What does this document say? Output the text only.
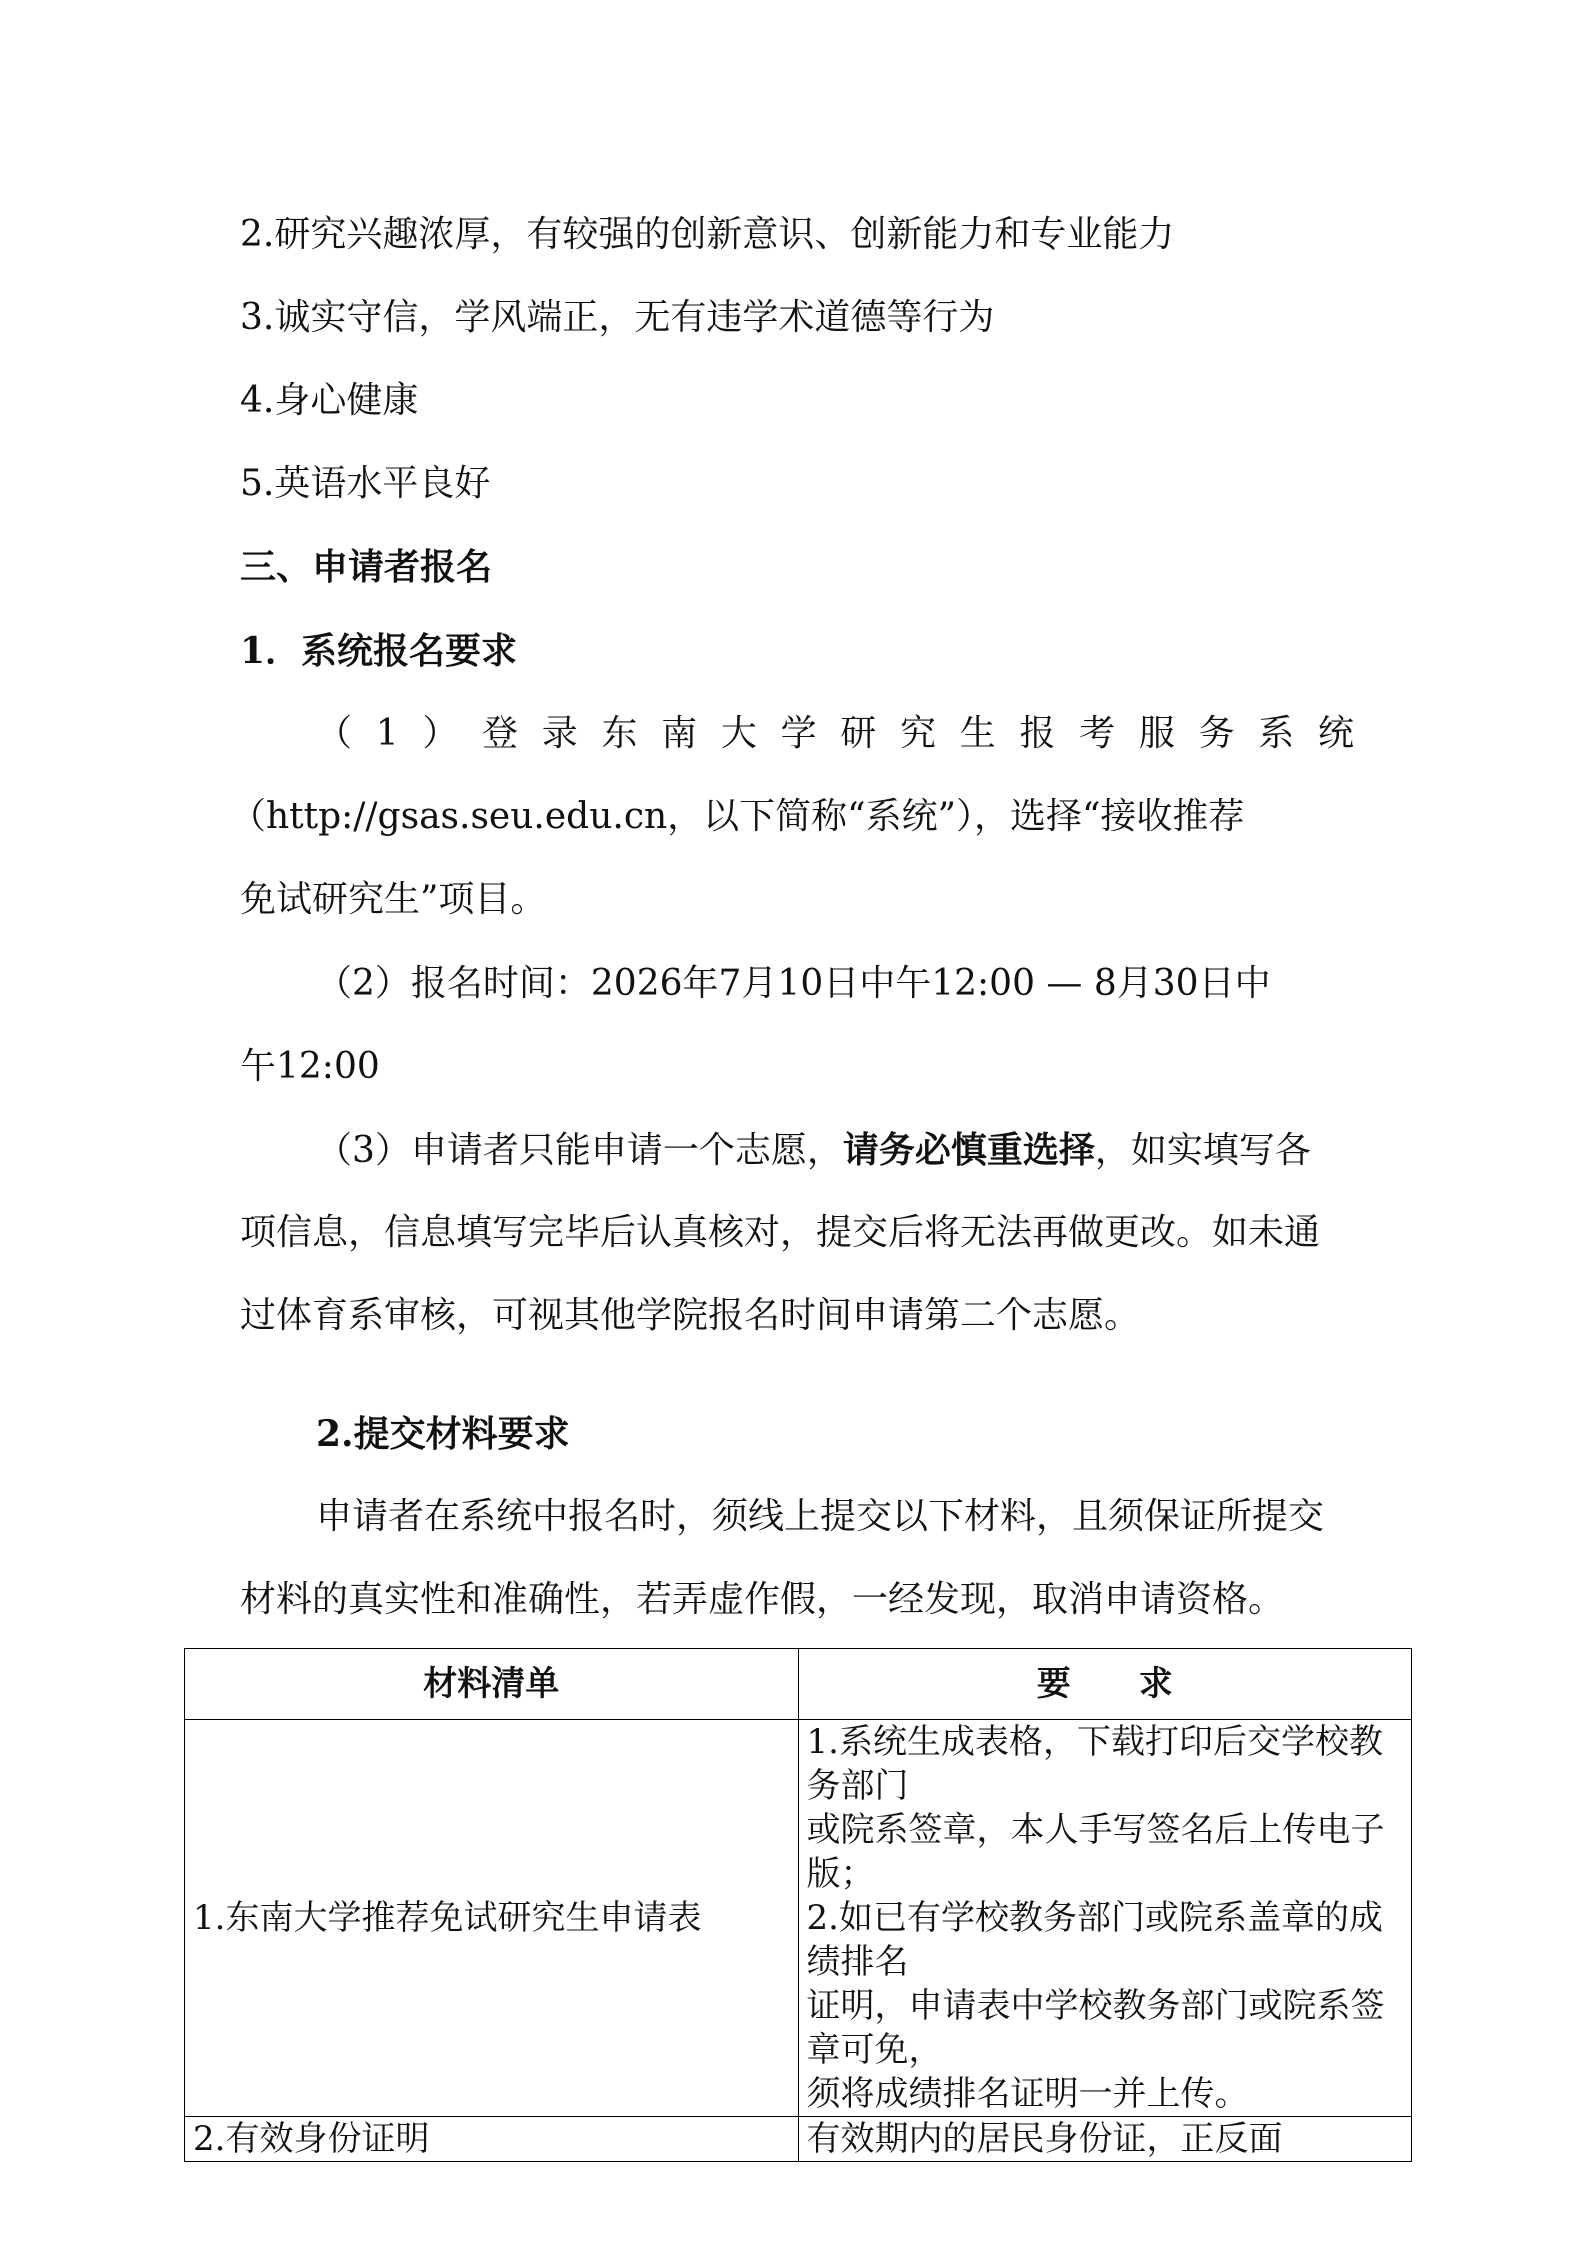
2.研究兴趣浓厚，有较强的创新意识、创新能力和专业能力
3.诚实守信，学风端正，无有违学术道德等行为
4.身心健康
5.英语水平良好
三、申请者报名
1．系统报名要求
（1）登录东南大学研究生报考服务系统
（http://gsas.seu.edu.cn，以下简称“系统”），选择“接收推荐
免试研究生”项目。
（2）报名时间：2026年7月10日中午12:00 — 8月30日中
午12:00
（3）申请者只能申请一个志愿，请务必慎重选择，如实填写各
项信息，信息填写完毕后认真核对，提交后将无法再做更改。如未通
过体育系审核，可视其他学院报名时间申请第二个志愿。
2.提交材料要求
申请者在系统中报名时，须线上提交以下材料，且须保证所提交
材料的真实性和准确性，若弄虚作假，一经发现，取消申请资格。
材料清单	要　　求
1.东南大学推荐免试研究生申请表	1.系统生成表格，下载打印后交学校教务部门
或院系签章，本人手写签名后上传电子版；
2.如已有学校教务部门或院系盖章的成绩排名
证明，申请表中学校教务部门或院系签章可免，
须将成绩排名证明一并上传。

2.有效身份证明	有效期内的居民身份证，正反面
